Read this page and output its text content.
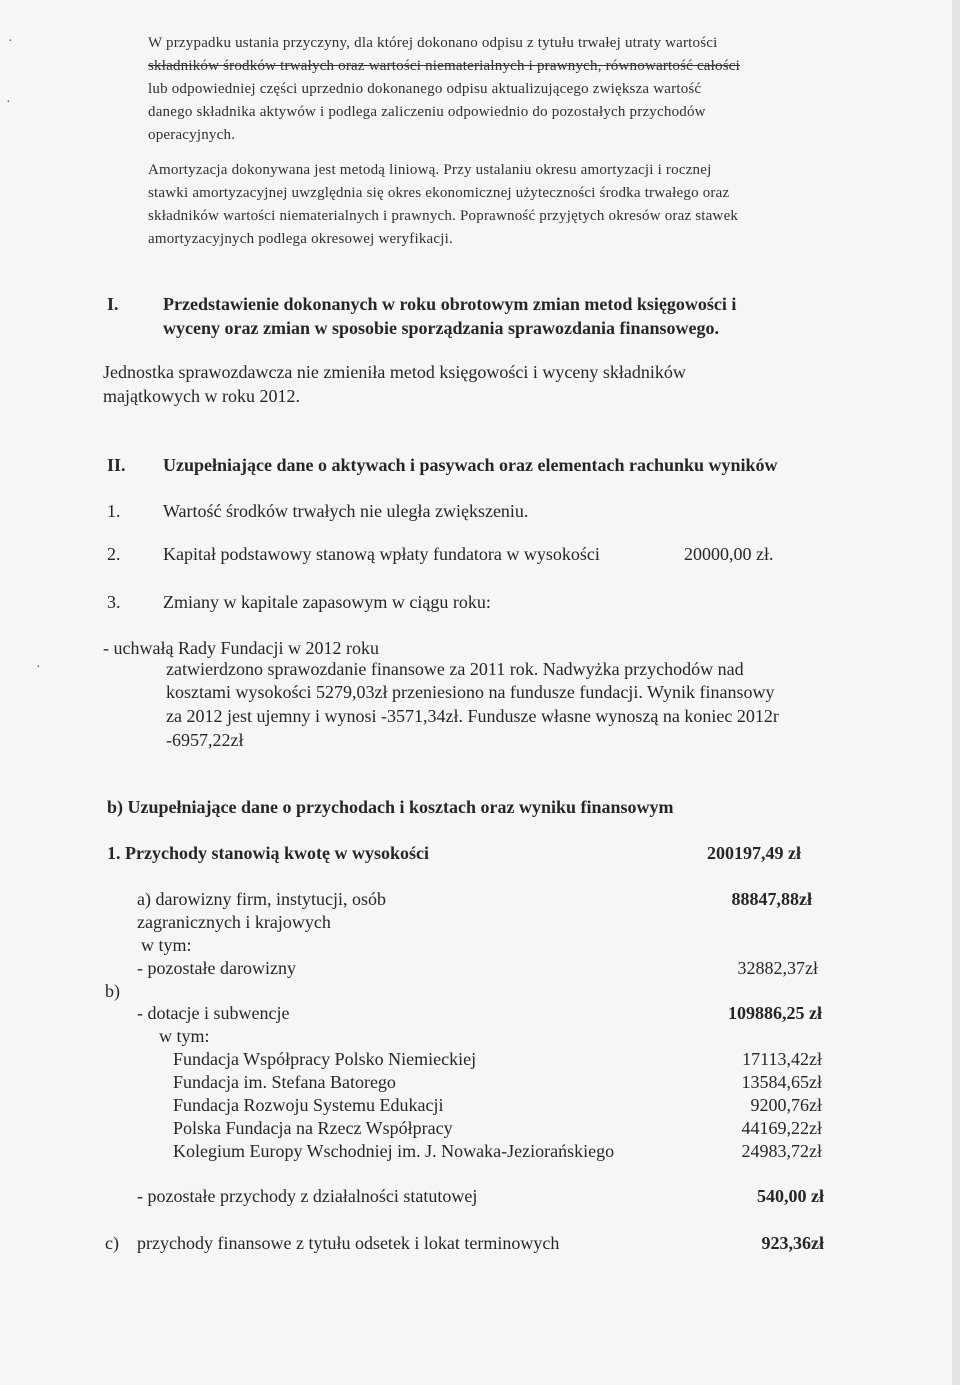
·
·
·

W przypadku ustania przyczyny, dla której dokonano odpisu z tytułu trwałej utraty wartości

składników środków trwałych oraz wartości niematerialnych i prawnych, równowartość całości

lub odpowiedniej części uprzednio dokonanego odpisu aktualizującego zwiększa wartość

danego składnika aktywów i podlega zaliczeniu odpowiednio do pozostałych przychodów

operacyjnych.

Amortyzacja dokonywana jest metodą liniową. Przy ustalaniu okresu amortyzacji i rocznej

stawki amortyzacyjnej uwzględnia się okres ekonomicznej użyteczności środka trwałego oraz

składników wartości niematerialnych i prawnych. Poprawność przyjętych okresów oraz stawek

amortyzacyjnych podlega okresowej weryfikacji.

I. Przedstawienie dokonanych w roku obrotowym zmian metod księgowości i

wyceny oraz zmian w sposobie sporządzania sprawozdania finansowego.

Jednostka sprawozdawcza nie zmieniła metod księgowości i wyceny składników

majątkowych w roku 2012.

II. Uzupełniające dane o aktywach i pasywach oraz elementach rachunku wyników

1. Wartość środków trwałych nie uległa zwiększeniu.

2. Kapitał podstawowy stanową wpłaty fundatora w wysokości	20000,00 zł.

3. Zmiany w kapitale zapasowym w ciągu roku:

- uchwałą Rady Fundacji w 2012 roku

zatwierdzono sprawozdanie finansowe za 2011 rok. Nadwyżka przychodów nad

kosztami wysokości 5279,03zł przeniesiono na fundusze fundacji. Wynik finansowy

za 2012 jest ujemny i wynosi -3571,34zł. Fundusze własne wynoszą na koniec 2012r

-6957,22zł

b) Uzupełniające dane o przychodach i kosztach oraz wyniku finansowym

1. Przychody stanowią kwotę w wysokości	200197,49 zł

a) darowizny firm, instytucji, osób	88847,88zł

zagranicznych i krajowych

w tym:

- pozostałe darowizny	32882,37zł

b)

- dotacje i subwencje	109886,25 zł

w tym:

Fundacja Współpracy Polsko Niemieckiej	17113,42zł

Fundacja im. Stefana Batorego	13584,65zł

Fundacja Rozwoju Systemu Edukacji	9200,76zł

Polska Fundacja na Rzecz Współpracy	44169,22zł

Kolegium Europy Wschodniej im. J. Nowaka-Jeziorańskiego	24983,72zł

- pozostałe przychody z działalności statutowej	540,00 zł

c) przychody finansowe z tytułu odsetek i lokat terminowych	923,36zł
